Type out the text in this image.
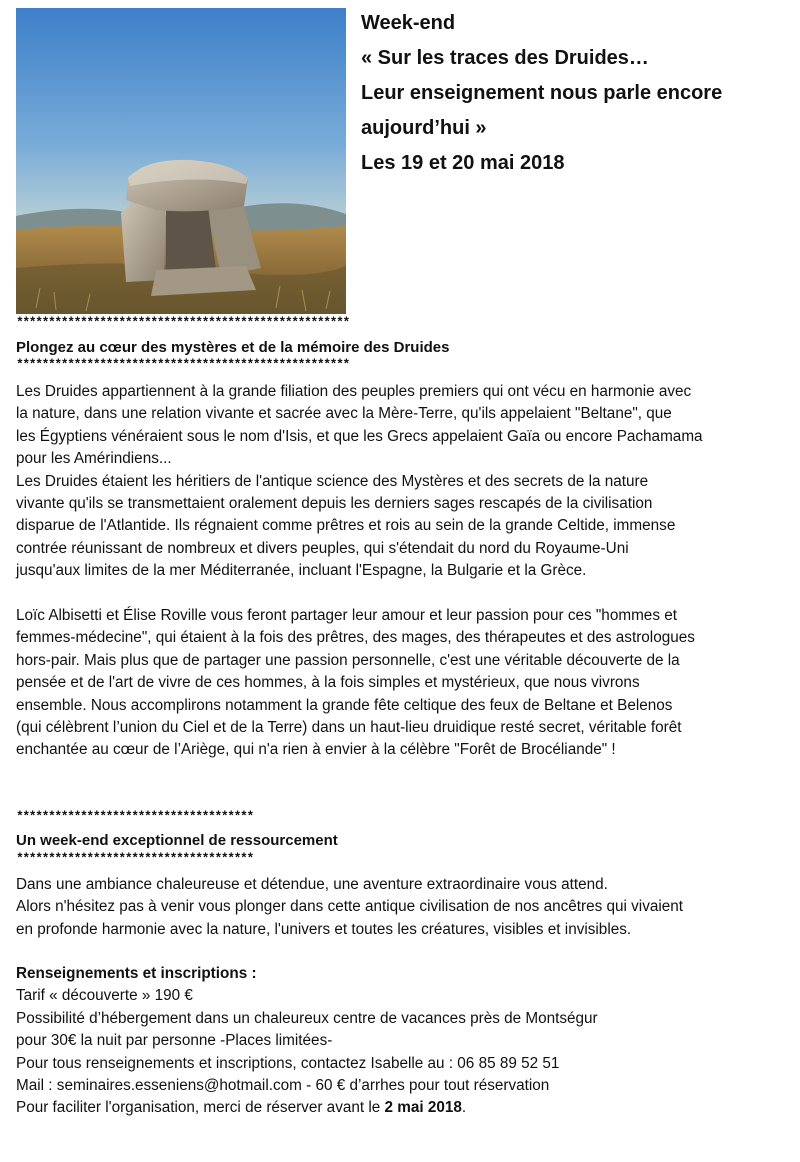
Week-end
« Sur les traces des Druides…
Leur enseignement nous parle encore
aujourd’hui »
Les 19 et 20 mai 2018
****************************************************
Plongez au cœur des mystères et de la mémoire des Druides
****************************************************
Les Druides appartiennent à la grande filiation des peuples premiers qui ont vécu en harmonie avec
la nature, dans une relation vivante et sacrée avec la Mère-Terre, qu'ils appelaient "Beltane", que
les Égyptiens vénéraient sous le nom d'Isis, et que les Grecs appelaient Gaïa ou encore Pachamama
pour les Amérindiens...
Les Druides étaient les héritiers de l'antique science des Mystères et des secrets de la nature
vivante qu'ils se transmettaient oralement depuis les derniers sages rescapés de la civilisation
disparue de l'Atlantide. Ils régnaient comme prêtres et rois au sein de la grande Celtide, immense
contrée réunissant de nombreux et divers peuples, qui s'étendait du nord du Royaume-Uni
jusqu'aux limites de la mer Méditerranée, incluant l'Espagne, la Bulgarie et la Grèce.
Loïc Albisetti et Élise Roville vous feront partager leur amour et leur passion pour ces "hommes et
femmes-médecine", qui étaient à la fois des prêtres, des mages, des thérapeutes et des astrologues
hors-pair. Mais plus que de partager une passion personnelle, c'est une véritable découverte de la
pensée et de l'art de vivre de ces hommes, à la fois simples et mystérieux, que nous vivrons
ensemble. Nous accomplirons notamment la grande fête celtique des feux de Beltane et Belenos
(qui célèbrent l’union du Ciel et de la Terre) dans un haut-lieu druidique resté secret, véritable forêt
enchantée au cœur de l’Ariège, qui n'a rien à envier à la célèbre "Forêt de Brocéliande" !
*************************************
Un week-end exceptionnel de ressourcement
*************************************
Dans une ambiance chaleureuse et détendue, une aventure extraordinaire vous attend.
Alors n'hésitez pas à venir vous plonger dans cette antique civilisation de nos ancêtres qui vivaient
en profonde harmonie avec la nature, l'univers et toutes les créatures, visibles et invisibles.
Renseignements et inscriptions :
Tarif « découverte » 190 €
Possibilité d’hébergement dans un chaleureux centre de vacances près de Montségur
pour 30€ la nuit par personne -Places limitées-
Pour tous renseignements et inscriptions, contactez Isabelle au : 06 85 89 52 51
Mail : seminaires.esseniens@hotmail.com - 60 € d’arrhes pour tout réservation
Pour faciliter l'organisation, merci de réserver avant le 2 mai 2018.
